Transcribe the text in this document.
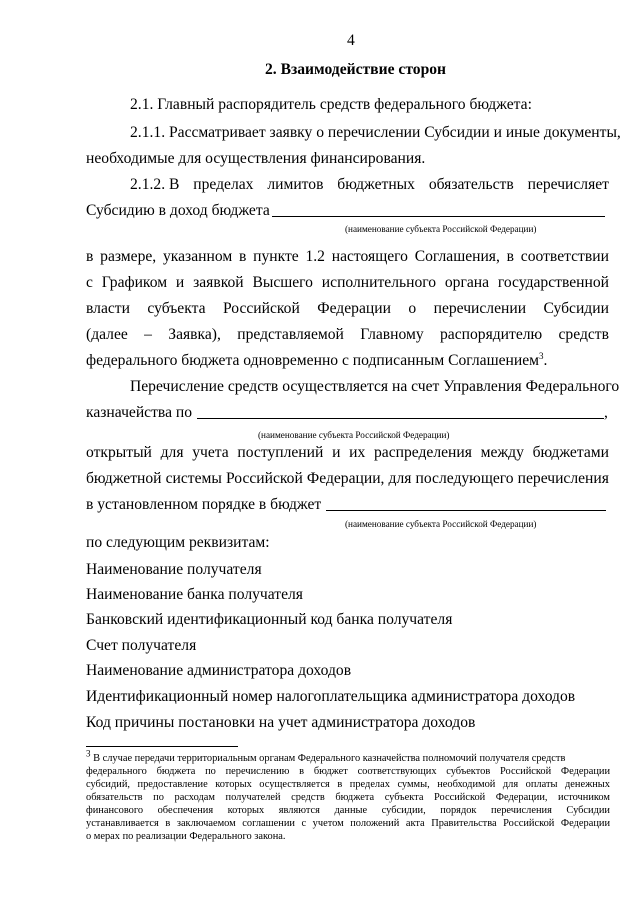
4
2. Взаимодействие сторон
2.1. Главный распорядитель средств федерального бюджета:
2.1.1. Рассматривает заявку о перечислении Субсидии и иные документы,
необходимые для осуществления финансирования.
2.1.2. В пределах лимитов бюджетных обязательств перечисляет
Субсидию в доход бюджета
(наименование субъекта Российской Федерации)
в размере, указанном в пункте 1.2 настоящего Соглашения, в соответствии
с Графиком и заявкой Высшего исполнительного органа государственной
власти субъекта Российской Федерации о перечислении Субсидии
(далее – Заявка), представляемой Главному распорядителю средств
федерального бюджета одновременно с подписанным Соглашением$^3$.
Перечисление средств осуществляется на счет Управления Федерального
казначейства по	,
(наименование субъекта Российской Федерации)
открытый для учета поступлений и их распределения между бюджетами
бюджетной системы Российской Федерации, для последующего перечисления
в установленном порядке в бюджет
(наименование субъекта Российской Федерации)
по следующим реквизитам:
Наименование получателя
Наименование банка получателя
Банковский идентификационный код банка получателя
Счет получателя
Наименование администратора доходов
Идентификационный номер налогоплательщика администратора доходов
Код причины постановки на учет администратора доходов
$^3$ В случае передачи территориальным органам Федерального казначейства полномочий получателя средств
федерального бюджета по перечислению в бюджет соответствующих субъектов Российской Федерации
субсидий, предоставление которых осуществляется в пределах суммы, необходимой для оплаты денежных
обязательств по расходам получателей средств бюджета субъекта Российской Федерации, источником
финансового обеспечения которых являются данные субсидии, порядок перечисления Субсидии
устанавливается в заключаемом соглашении с учетом положений акта Правительства Российской Федерации
о мерах по реализации Федерального закона.
